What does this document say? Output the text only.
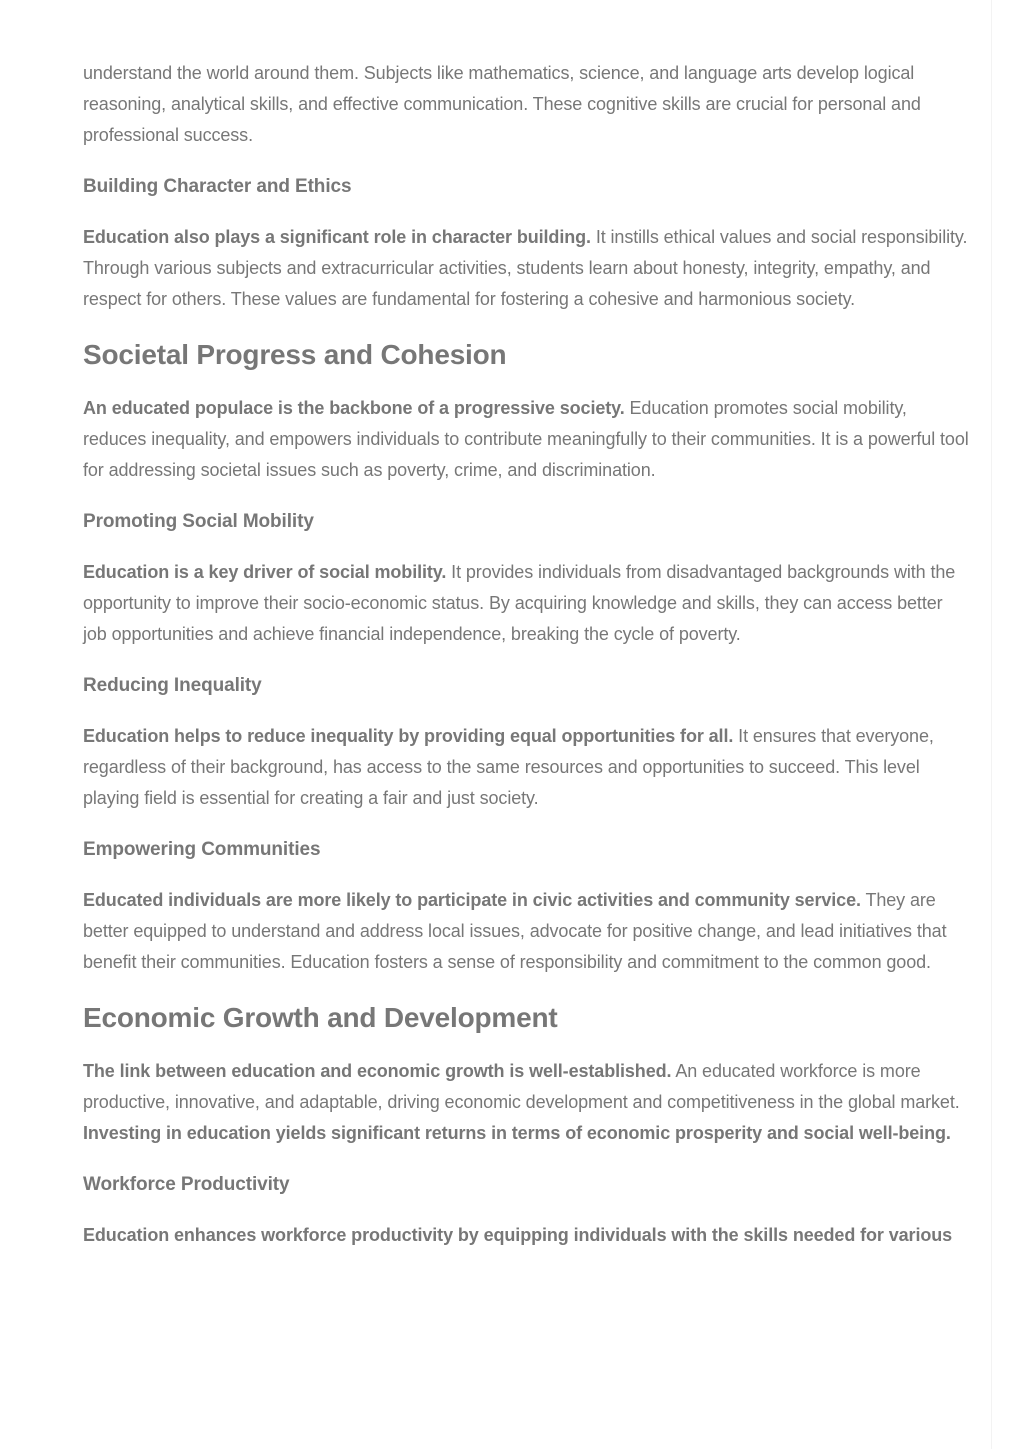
understand the world around them. Subjects like mathematics, science, and language arts develop logical reasoning, analytical skills, and effective communication. These cognitive skills are crucial for personal and professional success.

Building Character and Ethics

Education also plays a significant role in character building. It instills ethical values and social responsibility. Through various subjects and extracurricular activities, students learn about honesty, integrity, empathy, and respect for others. These values are fundamental for fostering a cohesive and harmonious society.

Societal Progress and Cohesion

An educated populace is the backbone of a progressive society. Education promotes social mobility, reduces inequality, and empowers individuals to contribute meaningfully to their communities. It is a powerful tool for addressing societal issues such as poverty, crime, and discrimination.

Promoting Social Mobility

Education is a key driver of social mobility. It provides individuals from disadvantaged backgrounds with the opportunity to improve their socio-economic status. By acquiring knowledge and skills, they can access better job opportunities and achieve financial independence, breaking the cycle of poverty.

Reducing Inequality

Education helps to reduce inequality by providing equal opportunities for all. It ensures that everyone, regardless of their background, has access to the same resources and opportunities to succeed. This level playing field is essential for creating a fair and just society.

Empowering Communities

Educated individuals are more likely to participate in civic activities and community service. They are better equipped to understand and address local issues, advocate for positive change, and lead initiatives that benefit their communities. Education fosters a sense of responsibility and commitment to the common good.

Economic Growth and Development

The link between education and economic growth is well-established. An educated workforce is more productive, innovative, and adaptable, driving economic development and competitiveness in the global market. Investing in education yields significant returns in terms of economic prosperity and social well-being.

Workforce Productivity

Education enhances workforce productivity by equipping individuals with the skills needed for various
